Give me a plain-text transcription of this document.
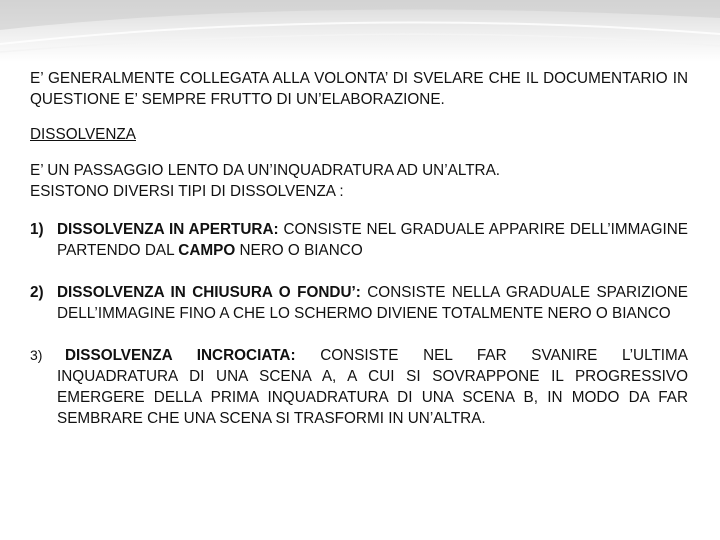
E’ GENERALMENTE COLLEGATA ALLA VOLONTA’ DI SVELARE CHE IL DOCUMENTARIO IN QUESTIONE E’ SEMPRE FRUTTO DI UN’ELABORAZIONE.

DISSOLVENZA

E’ UN PASSAGGIO LENTO DA UN’INQUADRATURA AD UN’ALTRA.

ESISTONO DIVERSI TIPI DI DISSOLVENZA :

1) DISSOLVENZA IN APERTURA: CONSISTE NEL GRADUALE APPARIRE DELL’IMMAGINE PARTENDO DAL CAMPO NERO O BIANCO
2) DISSOLVENZA IN CHIUSURA O FONDU’: CONSISTE NELLA GRADUALE SPARIZIONE DELL’IMMAGINE FINO A CHE LO SCHERMO DIVIENE TOTALMENTE NERO O BIANCO
3) DISSOLVENZA INCROCIATA: CONSISTE NEL FAR SVANIRE L’ULTIMA INQUADRATURA DI UNA SCENA A, A CUI SI SOVRAPPONE IL PROGRESSIVO EMERGERE DELLA PRIMA INQUADRATURA DI UNA SCENA B, IN MODO DA FAR SEMBRARE CHE UNA SCENA SI TRASFORMI IN UN’ALTRA.
